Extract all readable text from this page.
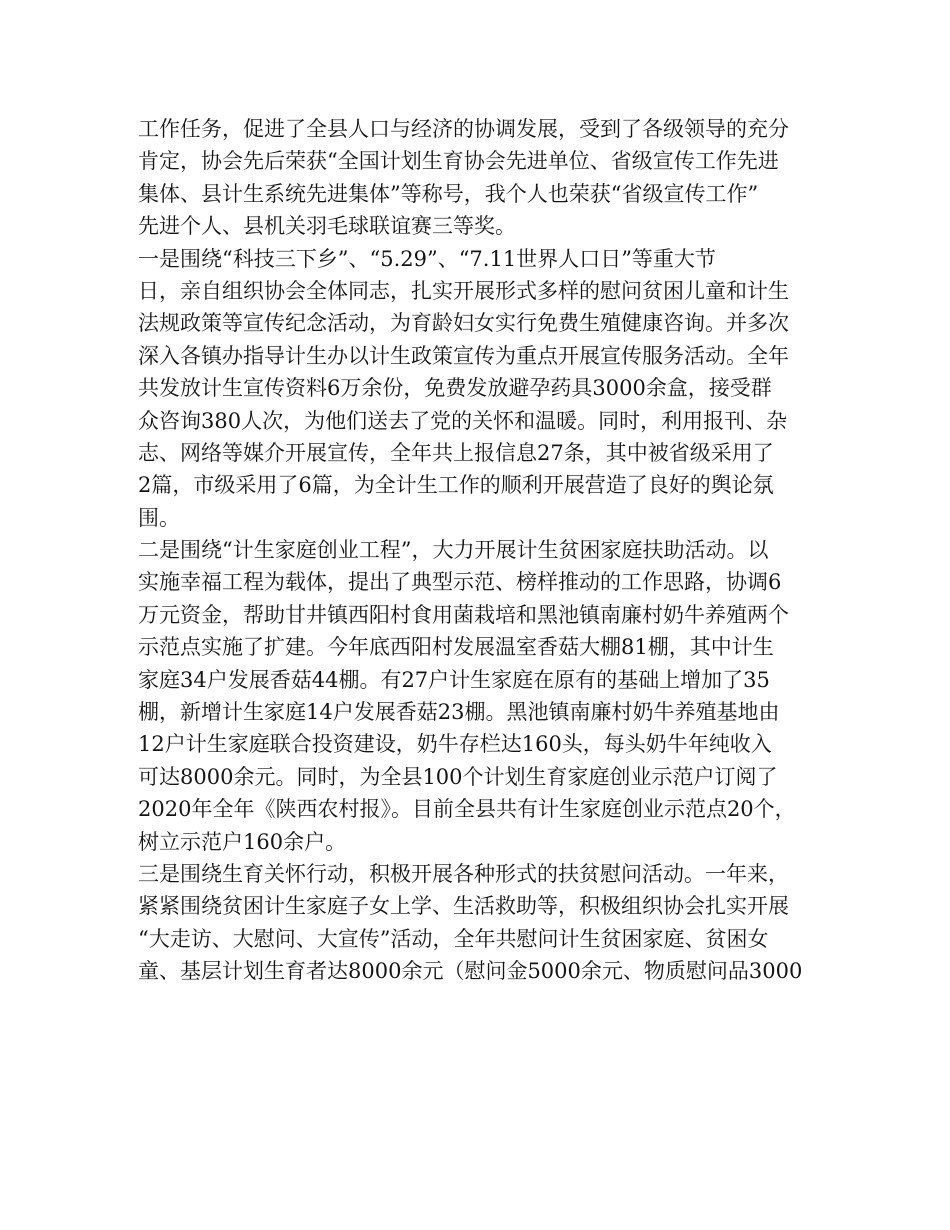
工作任务，促进了全县人口与经济的协调发展，受到了各级领导的充分
肯定，协会先后荣获“全国计划生育协会先进单位、省级宣传工作先进
集体、县计生系统先进集体”等称号，我个人也荣获“省级宣传工作”
先进个人、县机关羽毛球联谊赛三等奖。
一是围绕“科技三下乡”、“5.29”、“7.11世界人口日”等重大节
日，亲自组织协会全体同志，扎实开展形式多样的慰问贫困儿童和计生
法规政策等宣传纪念活动，为育龄妇女实行免费生殖健康咨询。并多次
深入各镇办指导计生办以计生政策宣传为重点开展宣传服务活动。全年
共发放计生宣传资料6万余份，免费发放避孕药具3000余盒，接受群
众咨询380人次，为他们送去了党的关怀和温暖。同时，利用报刊、杂
志、网络等媒介开展宣传，全年共上报信息27条，其中被省级采用了
2篇，市级采用了6篇，为全计生工作的顺利开展营造了良好的舆论氛
围。
二是围绕“计生家庭创业工程”，大力开展计生贫困家庭扶助活动。以
实施幸福工程为载体，提出了典型示范、榜样推动的工作思路，协调6
万元资金，帮助甘井镇西阳村食用菌栽培和黑池镇南廉村奶牛养殖两个
示范点实施了扩建。今年底西阳村发展温室香菇大棚81棚，其中计生
家庭34户发展香菇44棚。有27户计生家庭在原有的基础上增加了35
棚，新增计生家庭14户发展香菇23棚。黑池镇南廉村奶牛养殖基地由
12户计生家庭联合投资建设，奶牛存栏达160头，每头奶牛年纯收入
可达8000余元。同时，为全县100个计划生育家庭创业示范户订阅了
2020年全年《陕西农村报》。目前全县共有计生家庭创业示范点20个，
树立示范户160余户。
三是围绕生育关怀行动，积极开展各种形式的扶贫慰问活动。一年来，
紧紧围绕贫困计生家庭子女上学、生活救助等，积极组织协会扎实开展
“大走访、大慰问、大宣传”活动，全年共慰问计生贫困家庭、贫困女
童、基层计划生育者达8000余元（慰问金5000余元、物质慰问品3000
